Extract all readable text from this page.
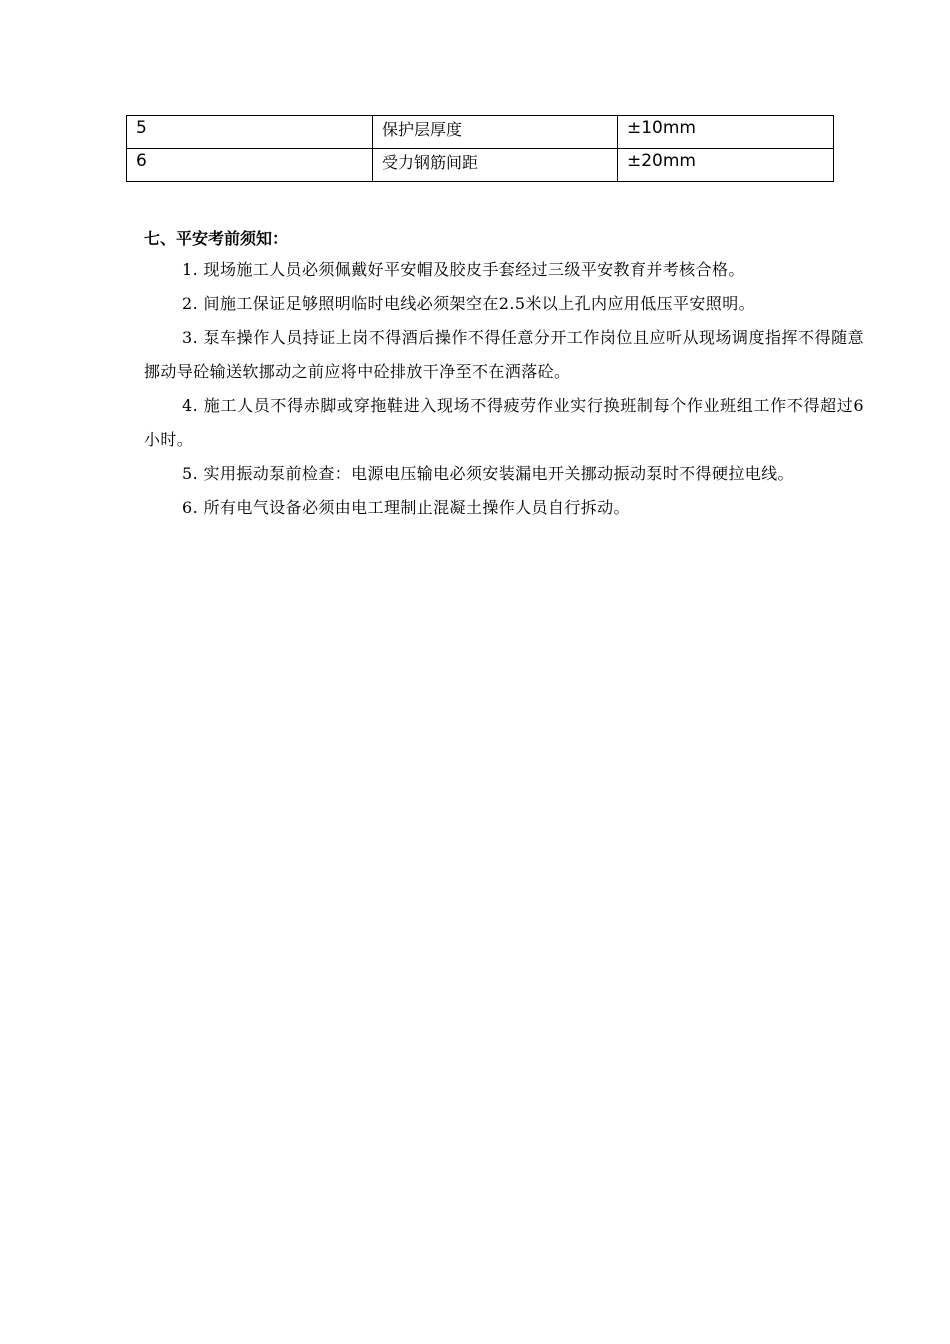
5	保护层厚度	±10mm
6	受力钢筋间距	±20mm
七、平安考前须知：

1. 现场施工人员必须佩戴好平安帽及胶皮手套经过三级平安教育并考核合格。

2. 间施工保证足够照明临时电线必须架空在2.5米以上孔内应用低压平安照明。

3. 泵车操作人员持证上岗不得酒后操作不得任意分开工作岗位且应听从现场调度指挥不得随意挪动导砼输送软挪动之前应将中砼排放干净至不在洒落砼。

4. 施工人员不得赤脚或穿拖鞋进入现场不得疲劳作业实行换班制每个作业班组工作不得超过6小时。

5. 实用振动泵前检查：电源电压输电必须安装漏电开关挪动振动泵时不得硬拉电线。

6. 所有电气设备必须由电工理制止混凝土操作人员自行拆动。
